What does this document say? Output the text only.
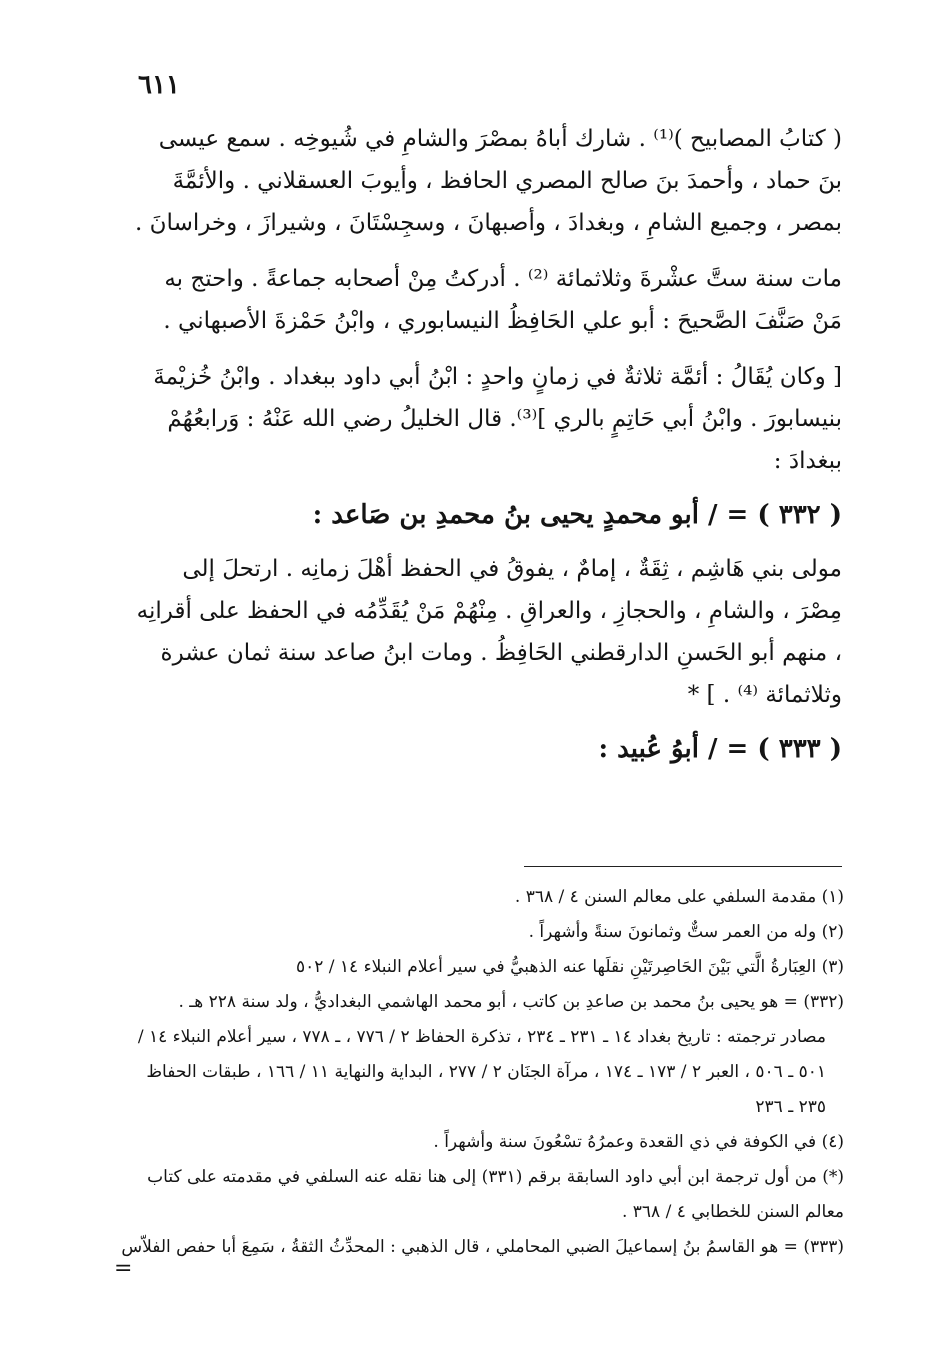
٦١١

( كتابُ المصابيح )⁽¹⁾ . شارك أباهُ بمصْرَ والشامِ في شُيوخِه . سمع عيسى بنَ حماد ، وأحمدَ بنَ صالح المصري الحافظ ، وأيوبَ العسقلاني . والأئمَّةَ بمصر ، وجميع الشامِ ، وبغدادَ ، وأصبهانَ ، وسجِسْتَانَ ، وشيرازَ ، وخراسانَ .

مات سنة ستَّ عشْرةَ وثلاثمائة ⁽²⁾ . أدركتُ مِنْ أصحابه جماعةً . واحتج به مَنْ صَنَّفَ الصَّحيحَ : أبو علي الحَافِظُ النيسابوري ، وابْنُ حَمْزةَ الأصبهاني .

[ وكان يُقَالُ : أئمَّة ثلاثةٌ في زمانٍ واحدٍ : ابْنُ أبي داود ببغداد . وابْنُ خُزيْمةَ بنيسابورَ . وابْنُ أبي حَاتِمٍ بالري ]⁽³⁾. قال الخليلُ رضي الله عَنْهُ : وَرابعُهُمْ ببغدادَ :

( ٣٣٢ ) = / أبو محمدٍ يحيى بنُ محمدِ بن صَاعد :

مولى بني هَاشِم ، ثِقَةٌ ، إمامٌ ، يفوقُ في الحفظ أهْلَ زمانِه . ارتحلَ إلى مِصْرَ ، والشامِ ، والحجازِ ، والعراقِ . مِنْهُمْ مَنْ يُقَدِّمُه في الحفظ على أقرانِه ، منهم أبو الحَسنِ الدارقطني الحَافِظُ . ومات ابنُ صاعد سنة ثمان عشرة وثلاثمائة ⁽⁴⁾ . ] *

( ٣٣٣ ) = / أبوُ عُبيد :

(١) مقدمة السلفي على معالم السنن ٤ / ٣٦٨ .

(٢) وله من العمر ستٌّ وثمانونَ سنةً وأشهراً .

(٣) العِبَارةُ الَّتي بَيْنَ الحَاصِرتَيْنِ نقلَها عنه الذهبيُّ في سير أعلام النبلاء ١٤ / ٥٠٢

(٣٣٢) = هو يحيى بنُ محمد بن صاعدِ بن كاتب ، أبو محمد الهاشمي البغداديُّ ، ولد سنة ٢٢٨ هـ .

مصادر ترجمته : تاريخ بغداد ١٤ ـ ٢٣١ ـ ٢٣٤ ، تذكرة الحفاظ ٢ / ٧٧٦ ، ـ ٧٧٨ ، سير أعلام النبلاء ١٤ / ٥٠١ ـ ٥٠٦ ، العبر ٢ / ١٧٣ ـ ١٧٤ ، مرآة الجنَان ٢ / ٢٧٧ ، البداية والنهاية ١١ / ١٦٦ ، طبقات الحفاظ ٢٣٥ ـ ٢٣٦

(٤) في الكوفة في ذي القعدة وعمرُهُ تسْعُونَ سنة وأشهراً .

(*) من أول ترجمة ابن أبي داود السابقة برقم (٣٣١) إلى هنا نقله عنه السلفي في مقدمته على كتاب معالم السنن للخطابي ٤ / ٣٦٨ .

(٣٣٣) = هو القاسمُ بنُ إسماعيلَ الضبي المحاملي ، قال الذهبي : المحدِّثُ الثقةُ ، سَمِعَ أبا حفص الفلاّس

=
